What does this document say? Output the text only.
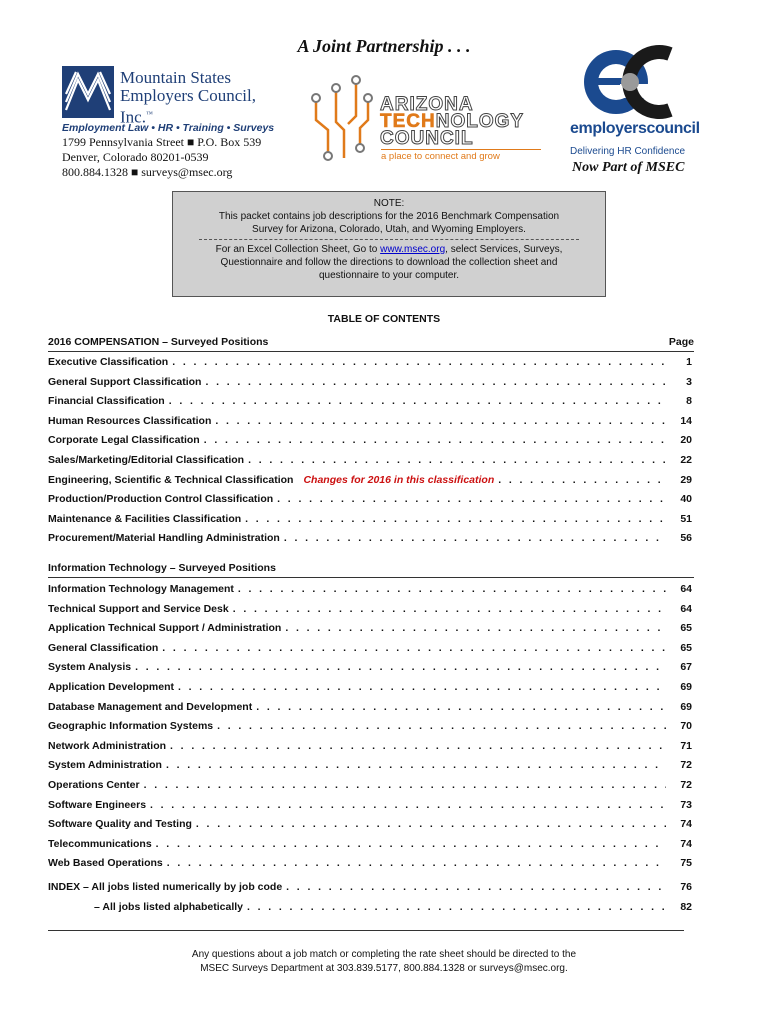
A Joint Partnership . . .
Mountain States
Employers Council, Inc.™
Employment Law • HR • Training • Surveys
1799 Pennsylvania Street ■ P.O. Box 539
Denver, Colorado 80201-0539
800.884.1328 ■ surveys@msec.org
ARIZONA
TECHNOLOGY
COUNCIL
a place to connect and grow
employerscouncil
Delivering HR Confidence
Now Part of MSEC
NOTE:
This packet contains job descriptions for the 2016 Benchmark Compensation
Survey for Arizona, Colorado, Utah, and Wyoming Employers.
For an Excel Collection Sheet, Go to www.msec.org, select Services, Surveys,
Questionnaire and follow the directions to download the collection sheet and
questionnaire to your computer.
TABLE OF CONTENTS
2016 COMPENSATION – Surveyed Positions	Page
Executive Classification . . .	1
General Support Classification . . .	3
Financial Classification . . .	8
Human Resources Classification . . .	14
Corporate Legal Classification . . .	20
Sales/Marketing/Editorial Classification . . .	22
Engineering, Scientific & Technical Classification Changes for 2016 in this classification . . .	29
Production/Production Control Classification . . .	40
Maintenance & Facilities Classification . . .	51
Procurement/Material Handling Administration . . .	56
Information Technology – Surveyed Positions
Information Technology Management . . .	64
Technical Support and Service Desk . . .	64
Application Technical Support / Administration . . .	65
General Classification . . .	65
System Analysis . . .	67
Application Development . . .	69
Database Management and Development . . .	69
Geographic Information Systems . . .	70
Network Administration . . .	71
System Administration . . .	72
Operations Center . . .	72
Software Engineers . . .	73
Software Quality and Testing . . .	74
Telecommunications . . .	74
Web Based Operations . . .	75
INDEX – All jobs listed numerically by job code . . .	76
– All jobs listed alphabetically . . .	82
Any questions about a job match or completing the rate sheet should be directed to the
MSEC Surveys Department at 303.839.5177, 800.884.1328 or surveys@msec.org.
